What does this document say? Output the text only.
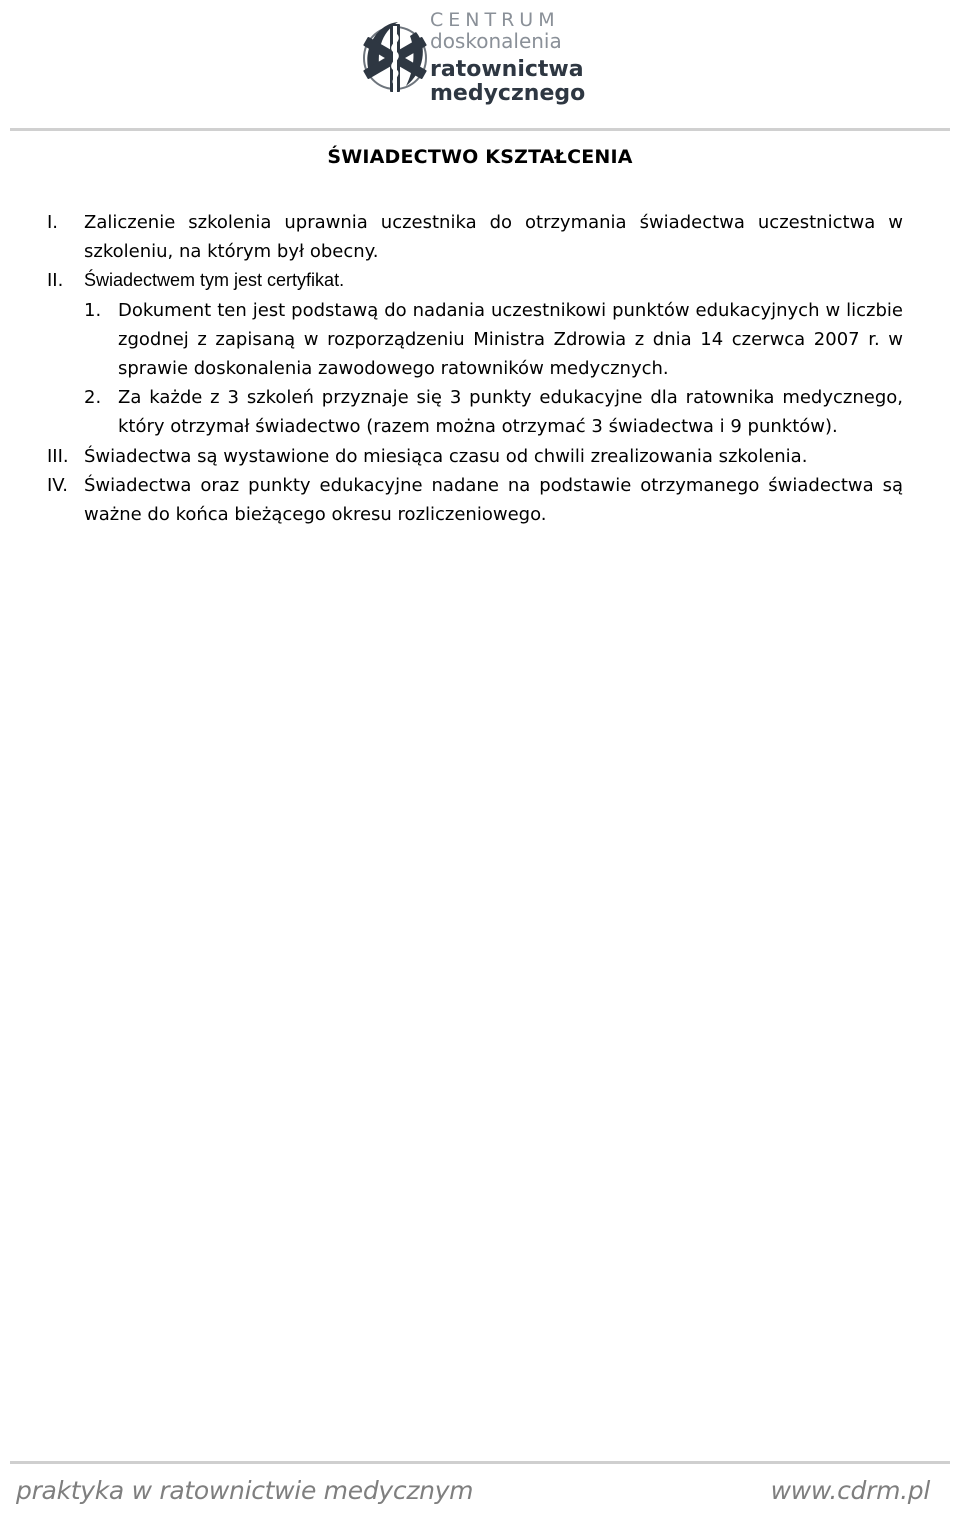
CENTRUM
doskonalenia
ratownictwa
medycznego
ŚWIADECTWO KSZTAŁCENIA
I.	Zaliczenie szkolenia uprawnia uczestnika do otrzymania świadectwa uczestnictwa w szkoleniu, na którym był obecny.
II.	Świadectwem tym jest certyfikat.
1. Dokument ten jest podstawą do nadania uczestnikowi punktów edukacyjnych w liczbie zgodnej z zapisaną w rozporządzeniu Ministra Zdrowia z dnia 14 czerwca 2007 r. w sprawie doskonalenia zawodowego ratowników medycznych.
2. Za każde z 3 szkoleń przyznaje się 3 punkty edukacyjne dla ratownika medycznego, który otrzymał świadectwo (razem można otrzymać 3 świadectwa i 9 punktów).
III. Świadectwa są wystawione do miesiąca czasu od chwili zrealizowania szkolenia.
IV. Świadectwa oraz punkty edukacyjne nadane na podstawie otrzymanego świadectwa są ważne do końca bieżącego okresu rozliczeniowego.
praktyka w ratownictwie medycznym	www.cdrm.pl
